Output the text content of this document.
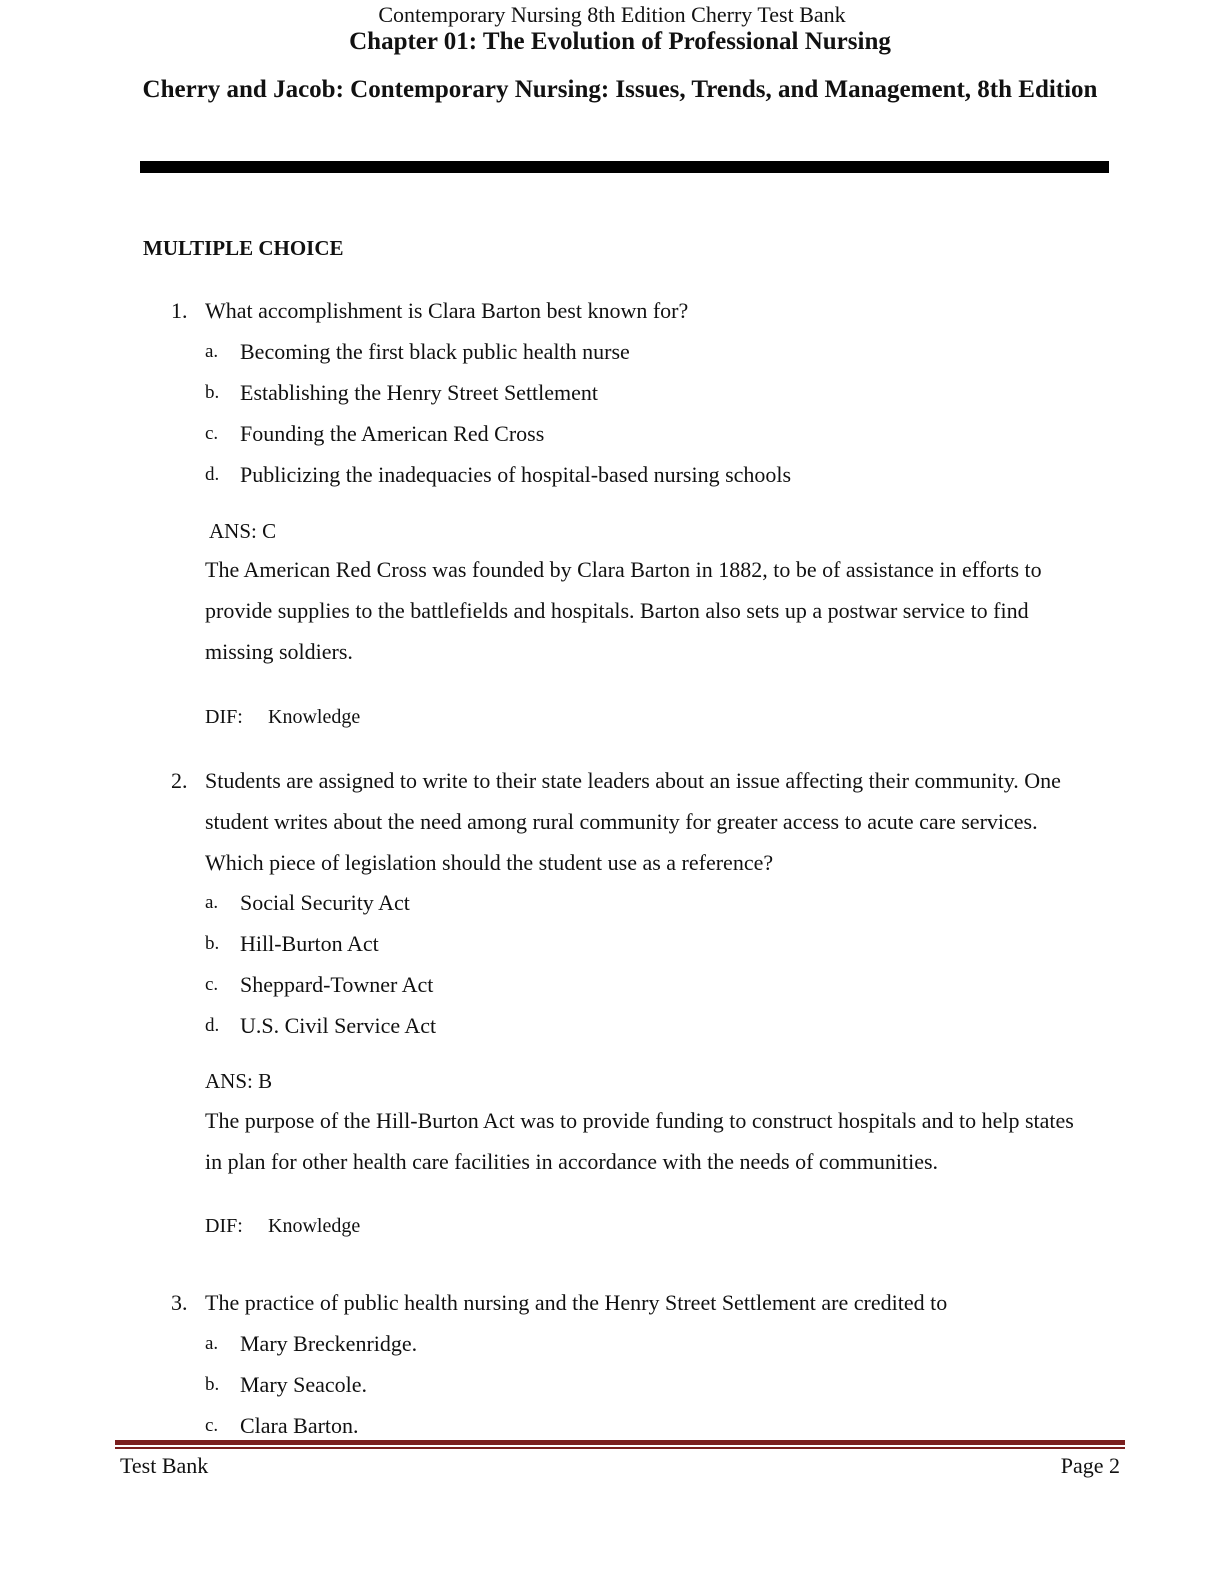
Contemporary Nursing 8th Edition Cherry Test Bank
Chapter 01: The Evolution of Professional Nursing
Cherry and Jacob: Contemporary Nursing: Issues, Trends, and Management, 8th Edition
MULTIPLE CHOICE
1. What accomplishment is Clara Barton best known for?
a. Becoming the first black public health nurse
b. Establishing the Henry Street Settlement
c. Founding the American Red Cross
d. Publicizing the inadequacies of hospital-based nursing schools
ANS: C
The American Red Cross was founded by Clara Barton in 1882, to be of assistance in efforts to provide supplies to the battlefields and hospitals. Barton also sets up a postwar service to find missing soldiers.
DIF: Knowledge
2. Students are assigned to write to their state leaders about an issue affecting their community. One student writes about the need among rural community for greater access to acute care services. Which piece of legislation should the student use as a reference?
a. Social Security Act
b. Hill-Burton Act
c. Sheppard-Towner Act
d. U.S. Civil Service Act
ANS: B
The purpose of the Hill-Burton Act was to provide funding to construct hospitals and to help states in plan for other health care facilities in accordance with the needs of communities.
DIF: Knowledge
3. The practice of public health nursing and the Henry Street Settlement are credited to
a. Mary Breckenridge.
b. Mary Seacole.
c. Clara Barton.
Test Bank	Page 2
